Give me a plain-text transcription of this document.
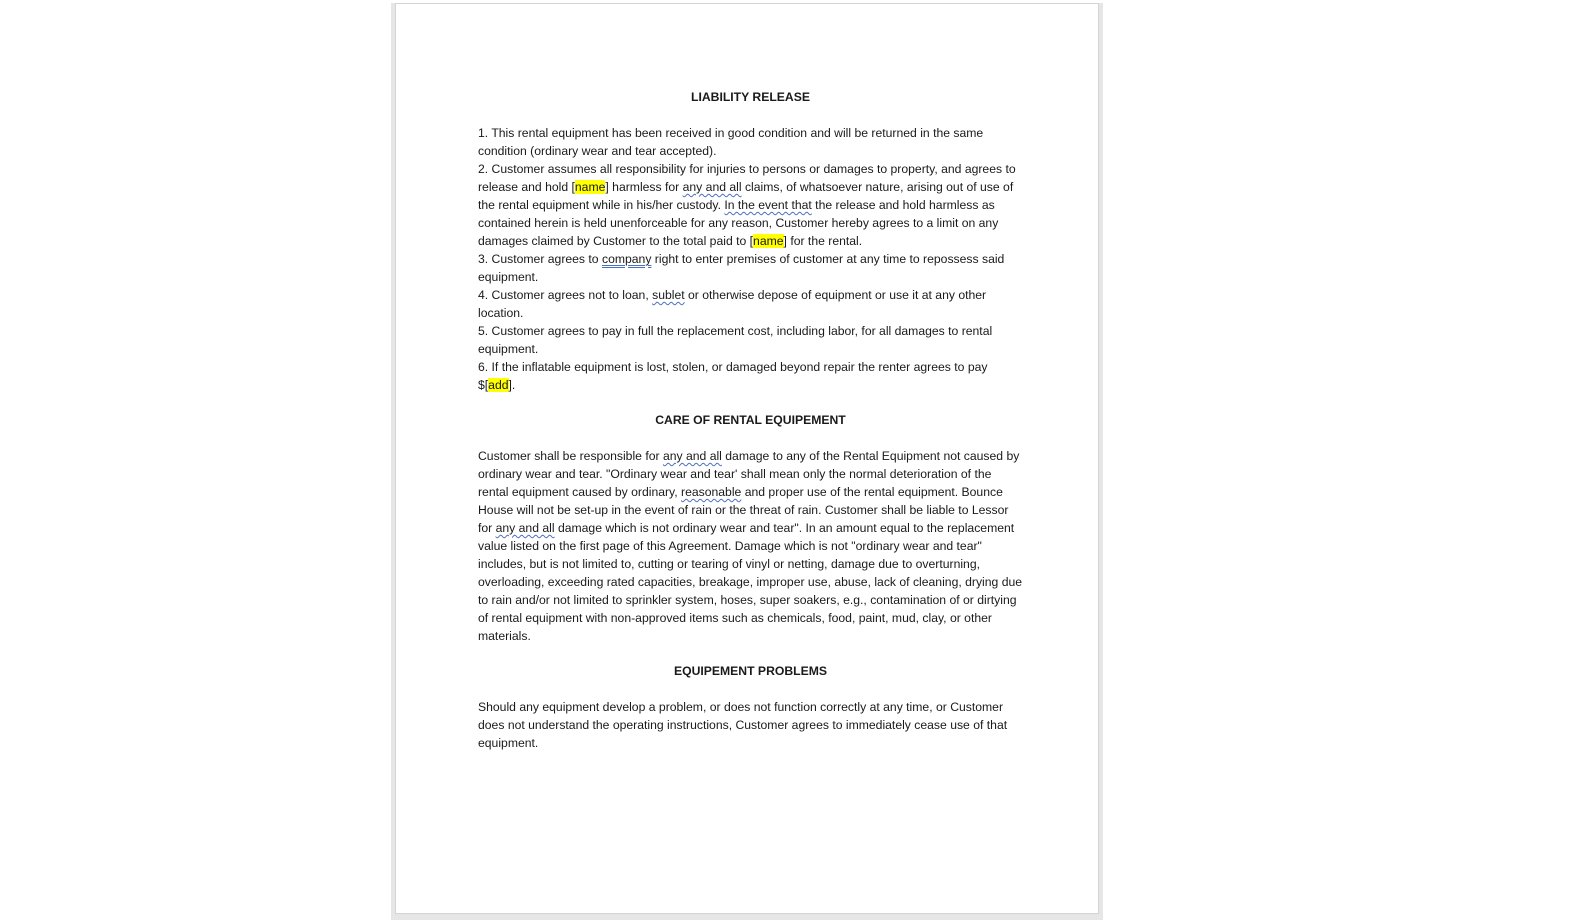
LIABILITY RELEASE

1. This rental equipment has been received in good condition and will be returned in the same condition (ordinary wear and tear accepted).

2. Customer assumes all responsibility for injuries to persons or damages to property, and agrees to release and hold [name] harmless for any and all claims, of whatsoever nature, arising out of use of the rental equipment while in his/her custody. In the event that the release and hold harmless as contained herein is held unenforceable for any reason, Customer hereby agrees to a limit on any damages claimed by Customer to the total paid to [name] for the rental.

3. Customer agrees to company right to enter premises of customer at any time to repossess said equipment.

4. Customer agrees not to loan, sublet or otherwise depose of equipment or use it at any other location.

5. Customer agrees to pay in full the replacement cost, including labor, for all damages to rental equipment.

6. If the inflatable equipment is lost, stolen, or damaged beyond repair the renter agrees to pay $[add].

CARE OF RENTAL EQUIPEMENT

Customer shall be responsible for any and all damage to any of the Rental Equipment not caused by ordinary wear and tear. "Ordinary wear and tear' shall mean only the normal deterioration of the rental equipment caused by ordinary, reasonable and proper use of the rental equipment. Bounce House will not be set-up in the event of rain or the threat of rain. Customer shall be liable to Lessor for any and all damage which is not ordinary wear and tear". In an amount equal to the replacement value listed on the first page of this Agreement. Damage which is not "ordinary wear and tear" includes, but is not limited to, cutting or tearing of vinyl or netting, damage due to overturning, overloading, exceeding rated capacities, breakage, improper use, abuse, lack of cleaning, drying due to rain and/or not limited to sprinkler system, hoses, super soakers, e.g., contamination of or dirtying of rental equipment with non-approved items such as chemicals, food, paint, mud, clay, or other materials.

EQUIPEMENT PROBLEMS

Should any equipment develop a problem, or does not function correctly at any time, or Customer does not understand the operating instructions, Customer agrees to immediately cease use of that equipment.
